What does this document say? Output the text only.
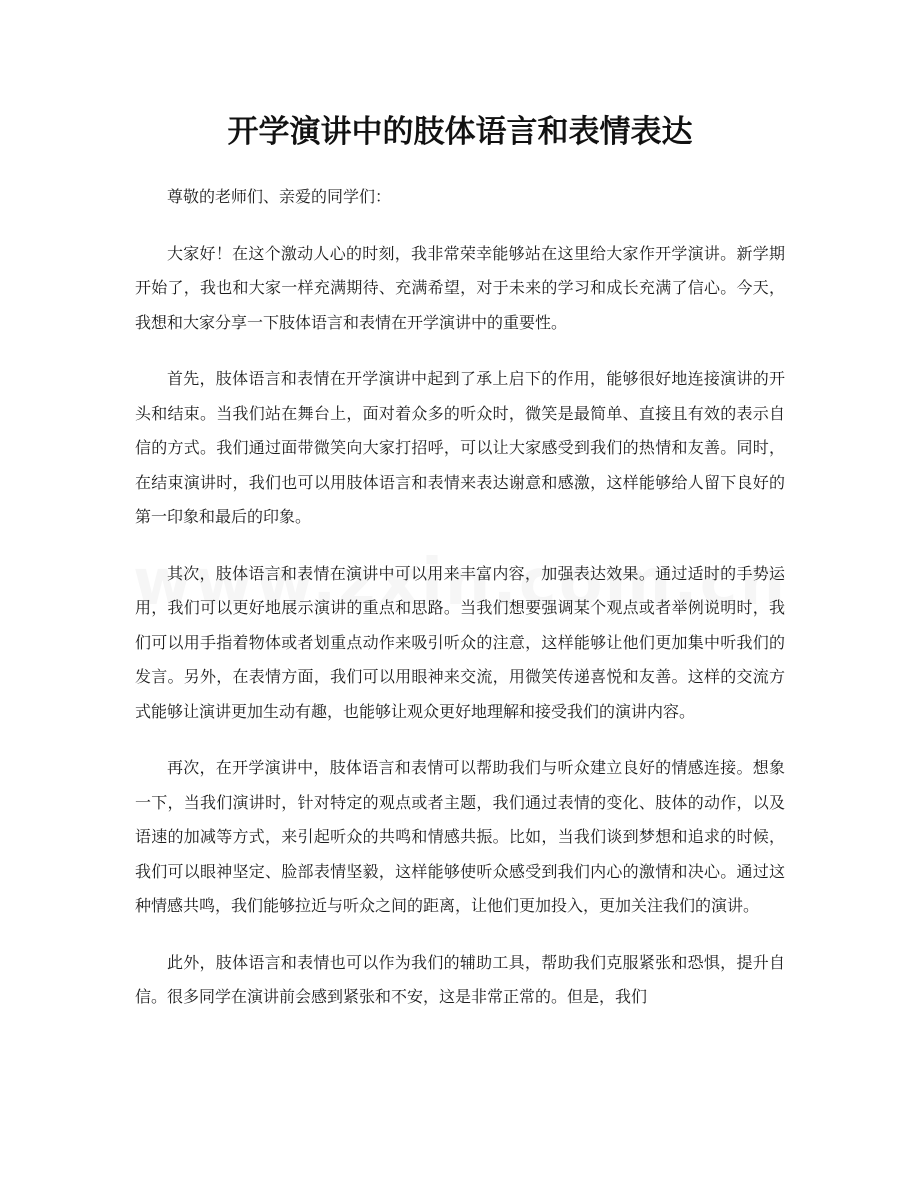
开学演讲中的肢体语言和表情表达

尊敬的老师们、亲爱的同学们：

大家好！在这个激动人心的时刻，我非常荣幸能够站在这里给大家作开学演讲。新学期开始了，我也和大家一样充满期待、充满希望，对于未来的学习和成长充满了信心。今天，我想和大家分享一下肢体语言和表情在开学演讲中的重要性。

首先，肢体语言和表情在开学演讲中起到了承上启下的作用，能够很好地连接演讲的开头和结束。当我们站在舞台上，面对着众多的听众时，微笑是最简单、直接且有效的表示自信的方式。我们通过面带微笑向大家打招呼，可以让大家感受到我们的热情和友善。同时，在结束演讲时，我们也可以用肢体语言和表情来表达谢意和感激，这样能够给人留下良好的第一印象和最后的印象。

其次，肢体语言和表情在演讲中可以用来丰富内容，加强表达效果。通过适时的手势运用，我们可以更好地展示演讲的重点和思路。当我们想要强调某个观点或者举例说明时，我们可以用手指着物体或者划重点动作来吸引听众的注意，这样能够让他们更加集中听我们的发言。另外，在表情方面，我们可以用眼神来交流，用微笑传递喜悦和友善。这样的交流方式能够让演讲更加生动有趣，也能够让观众更好地理解和接受我们的演讲内容。

再次，在开学演讲中，肢体语言和表情可以帮助我们与听众建立良好的情感连接。想象一下，当我们演讲时，针对特定的观点或者主题，我们通过表情的变化、肢体的动作，以及语速的加减等方式，来引起听众的共鸣和情感共振。比如，当我们谈到梦想和追求的时候，我们可以眼神坚定、脸部表情坚毅，这样能够使听众感受到我们内心的激情和决心。通过这种情感共鸣，我们能够拉近与听众之间的距离，让他们更加投入，更加关注我们的演讲。

此外，肢体语言和表情也可以作为我们的辅助工具，帮助我们克服紧张和恐惧，提升自信。很多同学在演讲前会感到紧张和不安，这是非常正常的。但是，我们
